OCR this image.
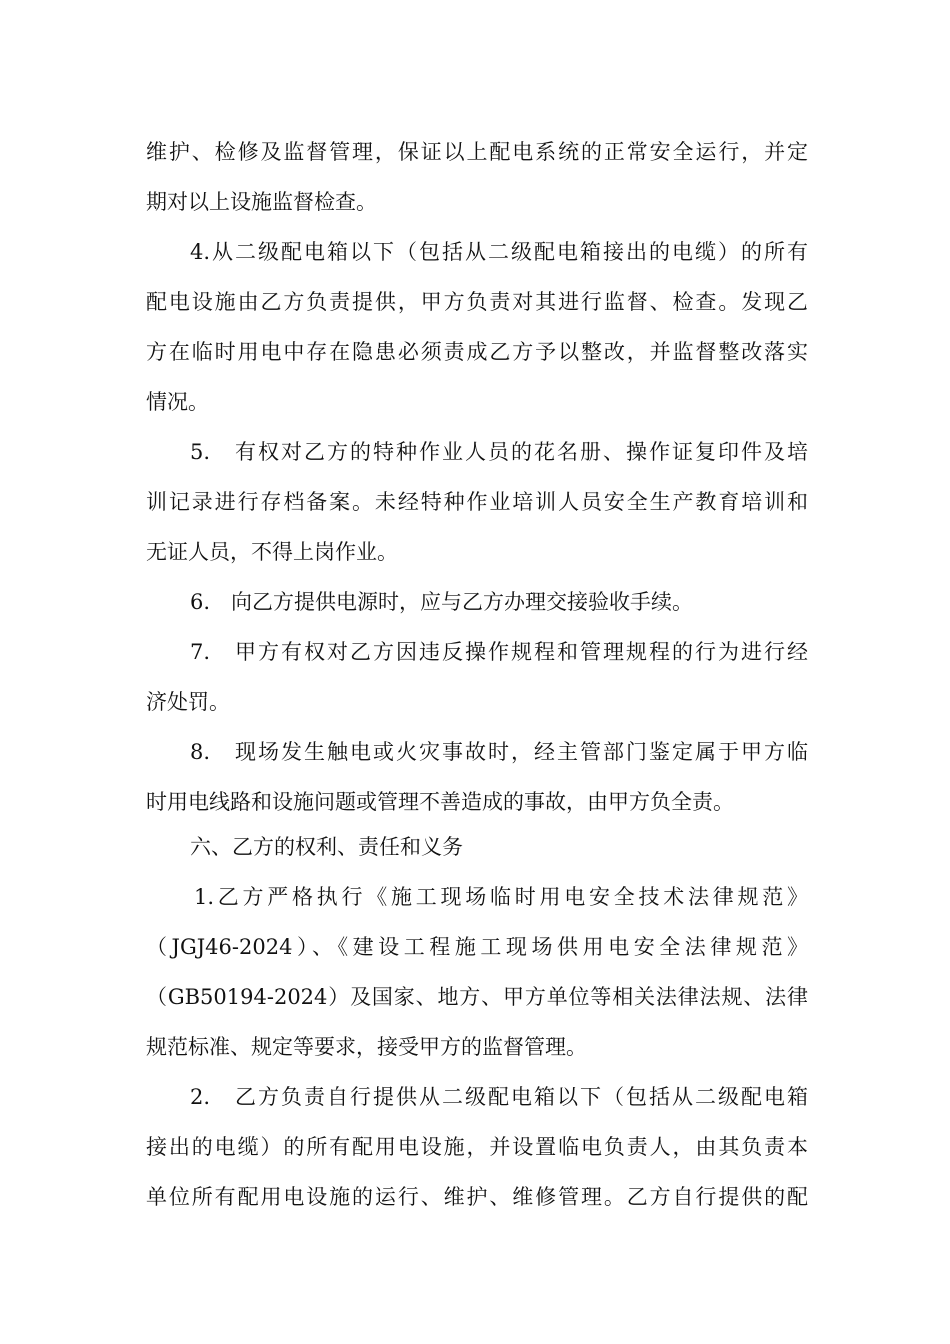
维护、检修及监督管理，保证以上配电系统的正常安全运行，并定
期对以上设施监督检查。
4.从二级配电箱以下（包括从二级配电箱接出的电缆）的所有
配电设施由乙方负责提供，甲方负责对其进行监督、检查。发现乙
方在临时用电中存在隐患必须责成乙方予以整改，并监督整改落实
情况。
5.　有权对乙方的特种作业人员的花名册、操作证复印件及培
训记录进行存档备案。未经特种作业培训人员安全生产教育培训和
无证人员，不得上岗作业。
6.　向乙方提供电源时，应与乙方办理交接验收手续。
7.　甲方有权对乙方因违反操作规程和管理规程的行为进行经
济处罚。
8.　现场发生触电或火灾事故时，经主管部门鉴定属于甲方临
时用电线路和设施问题或管理不善造成的事故，由甲方负全责。
六、乙方的权利、责任和义务
1.乙方严格执行《施工现场临时用电安全技术法律规范》
（JGJ46-2024）、《建设工程施工现场供用电安全法律规范》
（GB50194-2024）及国家、地方、甲方单位等相关法律法规、法律
规范标准、规定等要求，接受甲方的监督管理。
2.　乙方负责自行提供从二级配电箱以下（包括从二级配电箱
接出的电缆）的所有配用电设施，并设置临电负责人，由其负责本
单位所有配用电设施的运行、维护、维修管理。乙方自行提供的配
